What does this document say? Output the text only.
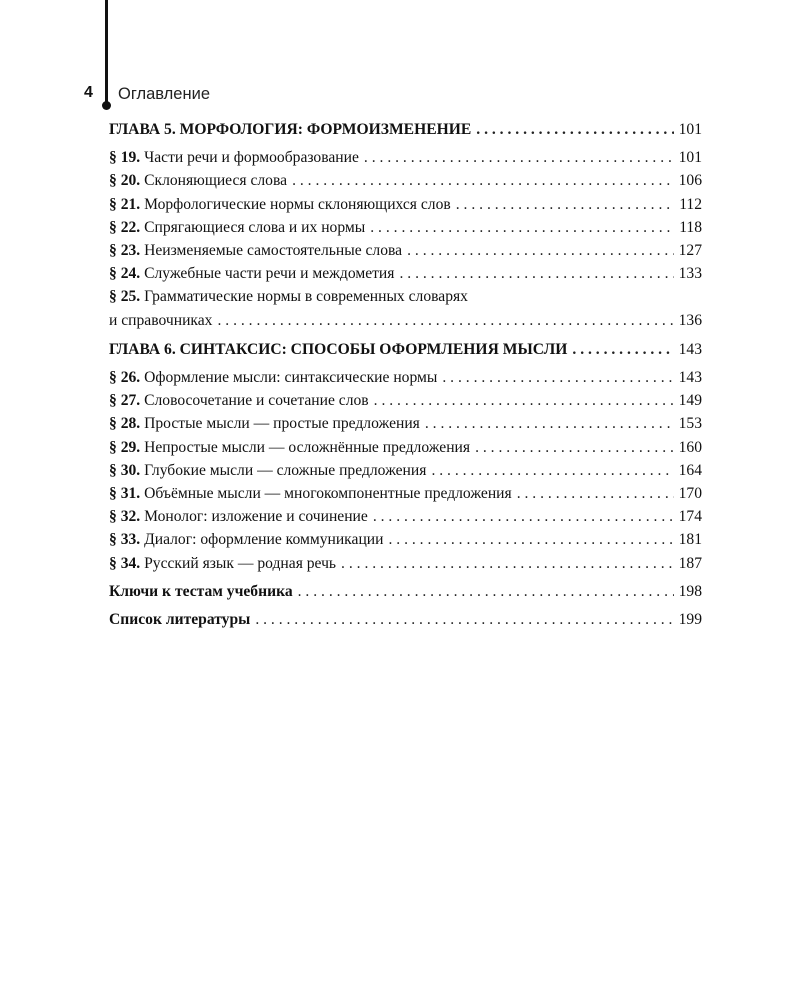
4 Оглавление
ГЛАВА 5. МОРФОЛОГИЯ: ФОРМОИЗМЕНЕНИЕ . . .	101
§ 19. Части речи и формообразование . . .	101
§ 20. Склоняющиеся слова . . .	106
§ 21. Морфологические нормы склоняющихся слов . . .	112
§ 22. Спрягающиеся слова и их нормы . . .	118
§ 23. Неизменяемые самостоятельные слова . . .	127
§ 24. Служебные части речи и междометия . . .	133
§ 25. Грамматические нормы в современных словарях
и справочниках . . .	136
ГЛАВА 6. СИНТАКСИС: СПОСОБЫ ОФОРМЛЕНИЯ МЫСЛИ . . .	143
§ 26. Оформление мысли: синтаксические нормы . . .	143
§ 27. Словосочетание и сочетание слов . . .	149
§ 28. Простые мысли — простые предложения . . .	153
§ 29. Непростые мысли — осложнённые предложения . . .	160
§ 30. Глубокие мысли — сложные предложения . . .	164
§ 31. Объёмные мысли — многокомпонентные предложения . . .	170
§ 32. Монолог: изложение и сочинение . . .	174
§ 33. Диалог: оформление коммуникации . . .	181
§ 34. Русский язык — родная речь . . .	187
Ключи к тестам учебника . . .	198
Список литературы . . .	199
